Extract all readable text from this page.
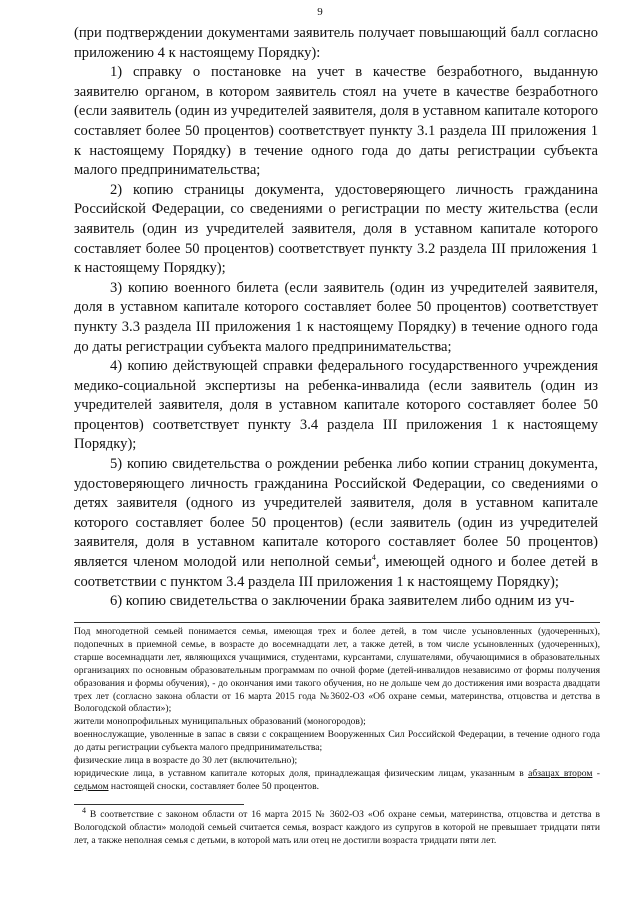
9

(при подтверждении документами заявитель получает повышающий балл согласно приложению 4 к настоящему Порядку):

1) справку о постановке на учет в качестве безработного, выданную заявителю органом, в котором заявитель стоял на учете в качестве безработного (если заявитель (один из учредителей заявителя, доля в уставном капитале которого составляет более 50 процентов) соответствует пункту 3.1 раздела III приложения 1 к настоящему Порядку) в течение одного года до даты регистрации субъекта малого предпринимательства;

2) копию страницы документа, удостоверяющего личность гражданина Российской Федерации, со сведениями о регистрации по месту жительства (если заявитель (один из учредителей заявителя, доля в уставном капитале которого составляет более 50 процентов) соответствует пункту 3.2 раздела III приложения 1 к настоящему Порядку);

3) копию военного билета (если заявитель (один из учредителей заявителя, доля в уставном капитале которого составляет более 50 процентов) соответствует пункту 3.3 раздела III приложения 1 к настоящему Порядку) в течение одного года до даты регистрации субъекта малого предпринимательства;

4) копию действующей справки федерального государственного учреждения медико-социальной экспертизы на ребенка-инвалида (если заявитель (один из учредителей заявителя, доля в уставном капитале которого составляет более 50 процентов) соответствует пункту 3.4 раздела III приложения 1 к настоящему Порядку);

5) копию свидетельства о рождении ребенка либо копии страниц документа, удостоверяющего личность гражданина Российской Федерации, со сведениями о детях заявителя (одного из учредителей заявителя, доля в уставном капитале которого составляет более 50 процентов) (если заявитель (один из учредителей заявителя, доля в уставном капитале которого составляет более 50 процентов) является членом молодой или неполной семьи$^4$, имеющей одного и более детей в соответствии с пунктом 3.4 раздела III приложения 1 к настоящему Порядку);

6) копию свидетельства о заключении брака заявителем либо одним из уч-

Под многодетной семьей понимается семья, имеющая трех и более детей, в том числе усыновленных (удочеренных), подопечных в приемной семье, в возрасте до восемнадцати лет, а также детей, в том числе усыновленных (удочеренных), старше восемнадцати лет, являющихся учащимися, студентами, курсантами, слушателями, обучающимися в образовательных организациях по основным образовательным программам по очной форме (детей-инвалидов независимо от формы получения образования и формы обучения), - до окончания ими такого обучения, но не дольше чем до достижения ими возраста двадцати трех лет (согласно закона области от 16 марта 2015 года №3602-ОЗ «Об охране семьи, материнства, отцовства и детства в Вологодской области»);

жители монопрофильных муниципальных образований (моногородов);

военнослужащие, уволенные в запас в связи с сокращением Вооруженных Сил Российской Федерации, в течение одного года до даты регистрации субъекта малого предпринимательства;

физические лица в возрасте до 30 лет (включительно);

юридические лица, в уставном капитале которых доля, принадлежащая физическим лицам, указанным в абзацах втором - седьмом настоящей сноски, составляет более 50 процентов.

$^4$ В соответствие с законом области от 16 марта 2015 № 3602-ОЗ «Об охране семьи, материнства, отцовства и детства в Вологодской области» молодой семьей считается семья, возраст каждого из супругов в которой не превышает тридцати пяти лет, а также неполная семья с детьми, в которой мать или отец не достигли возраста тридцати пяти лет.
